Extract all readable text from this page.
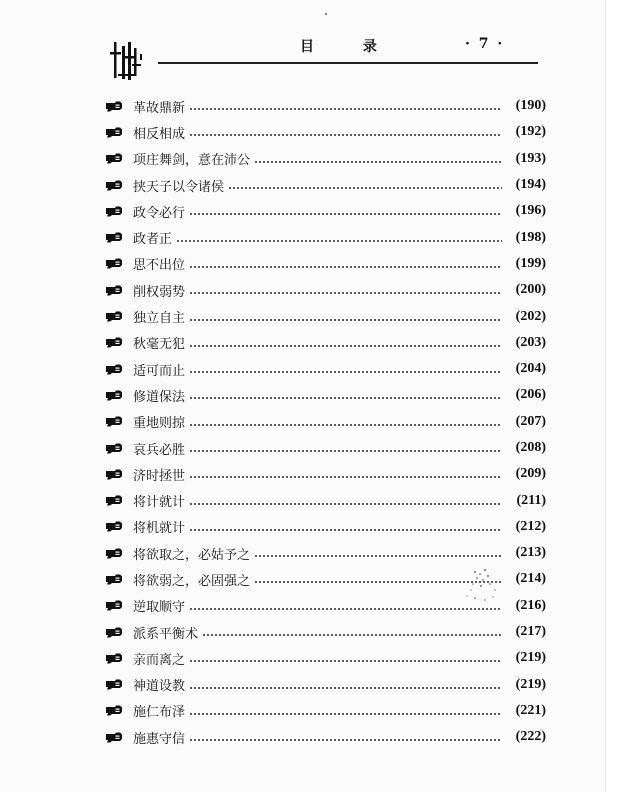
目 录	· 7 ·
革故鼎新	(190)
相反相成	(192)
项庄舞剑，意在沛公	(193)
挟天子以令诸侯	(194)
政令必行	(196)
政者正	(198)
思不出位	(199)
削权弱势	(200)
独立自主	(202)
秋毫无犯	(203)
适可而止	(204)
修道保法	(206)
重地则掠	(207)
哀兵必胜	(208)
济时拯世	(209)
将计就计	(211)
将机就计	(212)
将欲取之，必姑予之	(213)
将欲弱之，必固强之	(214)
逆取顺守	(216)
派系平衡术	(217)
亲而离之	(219)
神道设教	(219)
施仁布泽	(221)
施惠守信	(222)
